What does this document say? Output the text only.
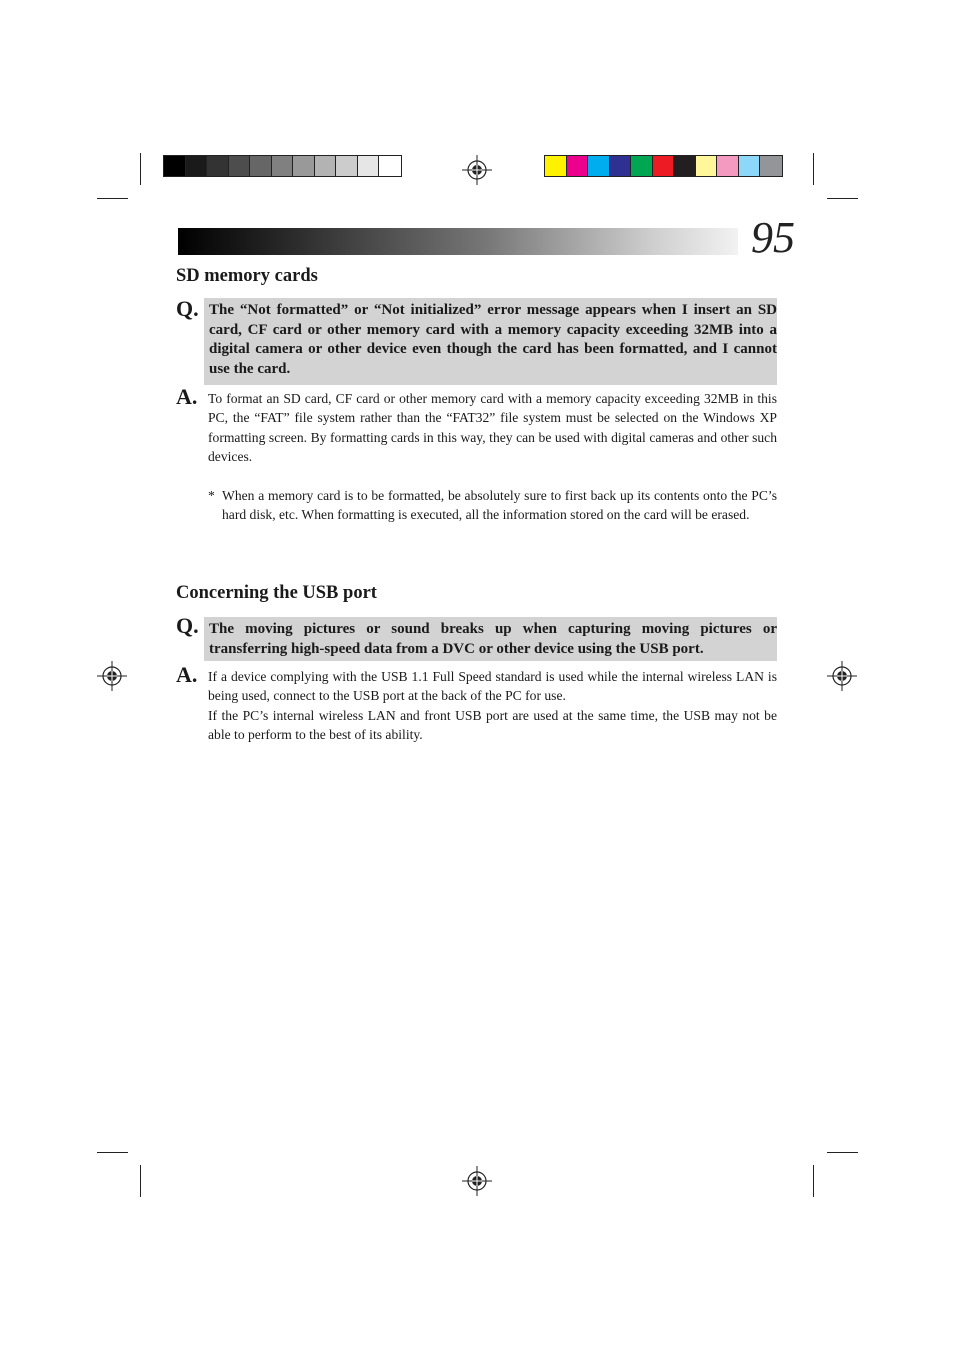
95
SD memory cards
Q. The “Not formatted” or “Not initialized” error message appears when I insert an SD card, CF card or other memory card with a memory capacity exceeding 32MB into a digital camera or other device even though the card has been formatted, and I cannot use the card.
A. To format an SD card, CF card or other memory card with a memory capacity exceeding 32MB in this PC, the “FAT” file system rather than the “FAT32” file system must be selected on the Windows XP formatting screen. By formatting cards in this way, they can be used with digital cameras and other such devices.

* When a memory card is to be formatted, be absolutely sure to first back up its contents onto the PC’s hard disk, etc. When formatting is executed, all the information stored on the card will be erased.
Concerning the USB port
Q. The moving pictures or sound breaks up when capturing moving pictures or transferring high-speed data from a DVC or other device using the USB port.
A. If a device complying with the USB 1.1 Full Speed standard is used while the internal wireless LAN is being used, connect to the USB port at the back of the PC for use.

If the PC’s internal wireless LAN and front USB port are used at the same time, the USB may not be able to perform to the best of its ability.
